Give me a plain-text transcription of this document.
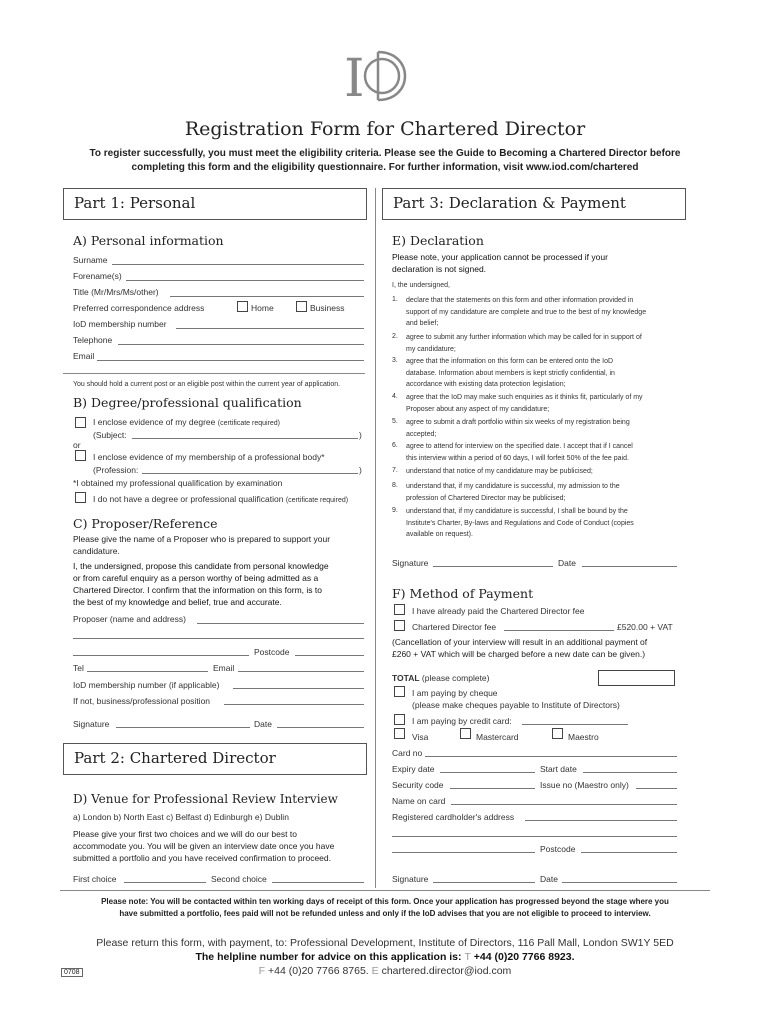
I
Registration Form for Chartered Director
To register successfully, you must meet the eligibility criteria. Please see the Guide to Becoming a Chartered Director before
completing this form and the eligibility questionnaire. For further information, visit www.iod.com/chartered
Part 1: Personal
A) Personal information
Surname
Forename(s)
Title (Mr/Mrs/Ms/other)
Preferred correspondence address	Home	Business
IoD membership number
Telephone
Email
You should hold a current post or an eligible post within the current year of application.
B) Degree/professional qualification
I enclose evidence of my degree (certificate required)
(Subject:	)
or
I enclose evidence of my membership of a professional body*
(Profession:	)
*I obtained my professional qualification by examination
I do not have a degree or professional qualification (certificate required)
C) Proposer/Reference
Please give the name of a Proposer who is prepared to support your
candidature.
I, the undersigned, propose this candidate from personal knowledge
or from careful enquiry as a person worthy of being admitted as a
Chartered Director. I confirm that the information on this form, is to
the best of my knowledge and belief, true and accurate.
Proposer (name and address)
Postcode
Tel	Email
IoD membership number (if applicable)
If not, business/professional position
Signature	Date
Part 2: Chartered Director
D) Venue for Professional Review Interview
a) London b) North East c) Belfast d) Edinburgh e) Dublin
Please give your first two choices and we will do our best to
accommodate you. You will be given an interview date once you have
submitted a portfolio and you have received confirmation to proceed.
First choice	Second choice
Part 3: Declaration & Payment
E) Declaration
Please note, your application cannot be processed if your
declaration is not signed.
I, the undersigned,
1. declare that the statements on this form and other information provided in
support of my candidature are complete and true to the best of my knowledge
and belief;
2. agree to submit any further information which may be called for in support of
my candidature;
3. agree that the information on this form can be entered onto the IoD
database. Information about members is kept strictly confidential, in
accordance with existing data protection legislation;
4. agree that the IoD may make such enquiries as it thinks fit, particularly of my
Proposer about any aspect of my candidature;
5. agree to submit a draft portfolio within six weeks of my registration being
accepted;
6. agree to attend for interview on the specified date. I accept that if I cancel
this interview within a period of 60 days, I will forfeit 50% of the fee paid.
7. understand that notice of my candidature may be publicised;
8. understand that, if my candidature is successful, my admission to the
profession of Chartered Director may be publicised;
9. understand that, if my candidature is successful, I shall be bound by the
Institute's Charter, By-laws and Regulations and Code of Conduct (copies
available on request).
Signature	Date
F) Method of Payment
I have already paid the Chartered Director fee
Chartered Director fee	£520.00 + VAT
(Cancellation of your interview will result in an additional payment of
£260 + VAT which will be charged before a new date can be given.)
TOTAL (please complete)
I am paying by cheque
(please make cheques payable to Institute of Directors)
I am paying by credit card:
Visa	Mastercard	Maestro
Card no
Expiry date	Start date
Security code	Issue no (Maestro only)
Name on card
Registered cardholder's address
Postcode
Signature	Date
Please note: You will be contacted within ten working days of receipt of this form. Once your application has progressed beyond the stage where you
have submitted a portfolio, fees paid will not be refunded unless and only if the IoD advises that you are not eligible to proceed to interview.
Please return this form, with payment, to: Professional Development, Institute of Directors, 116 Pall Mall, London SW1Y 5ED
The helpline number for advice on this application is: T +44 (0)20 7766 8923.
F +44 (0)20 7766 8765. E chartered.director@iod.com
0708
